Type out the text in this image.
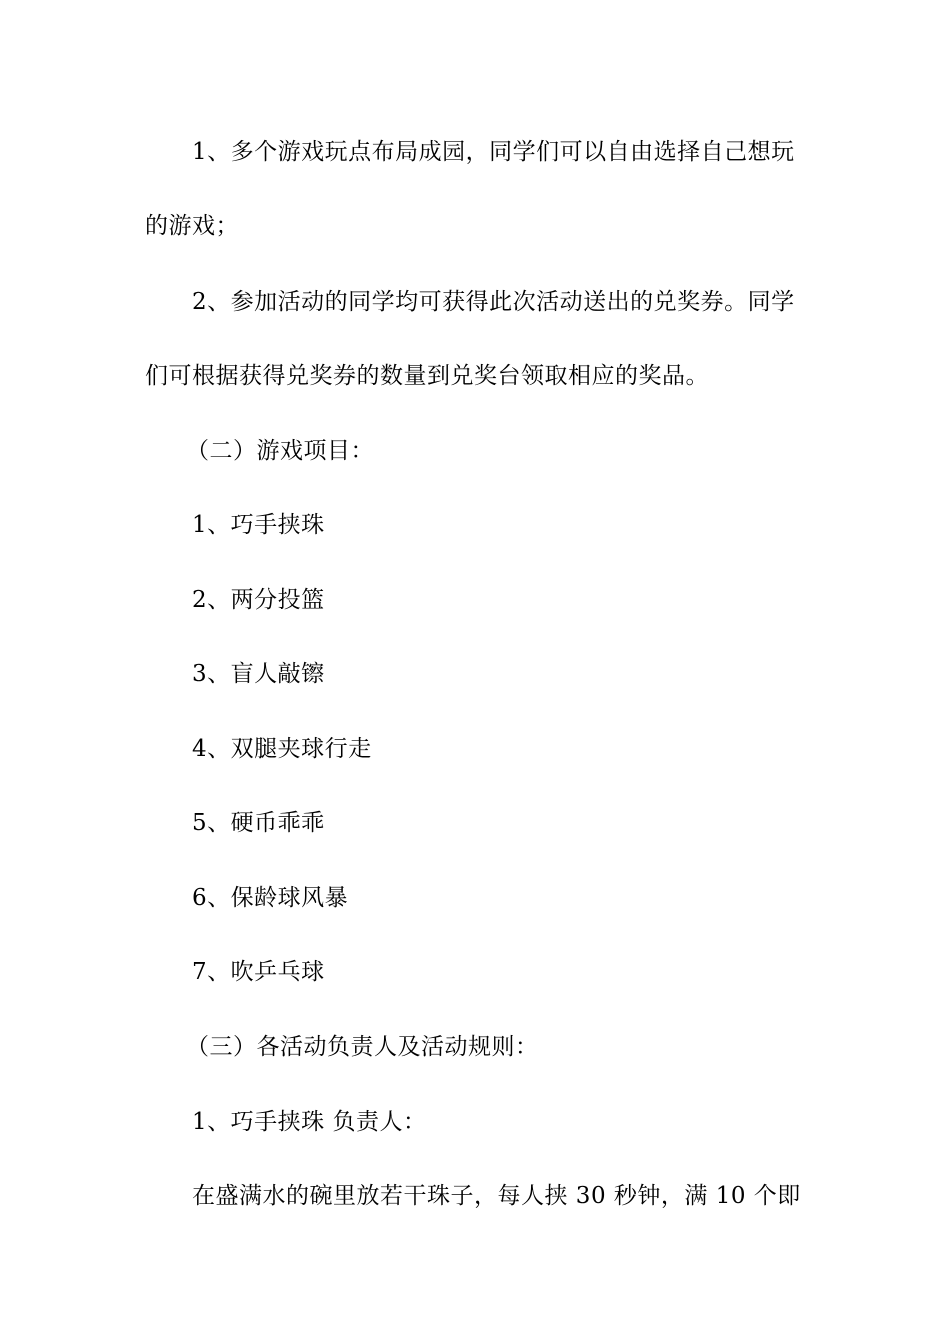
1、多个游戏玩点布局成园，同学们可以自由选择自己想玩
的游戏；
2、参加活动的同学均可获得此次活动送出的兑奖券。同学
们可根据获得兑奖券的数量到兑奖台领取相应的奖品。
（二）游戏项目：
1、巧手挟珠
2、两分投篮
3、盲人敲镲
4、双腿夹球行走
5、硬币乖乖
6、保龄球风暴
7、吹乒乓球
（三）各活动负责人及活动规则：
1、巧手挟珠 负责人：
在盛满水的碗里放若干珠子，每人挟 30 秒钟，满 10 个即
